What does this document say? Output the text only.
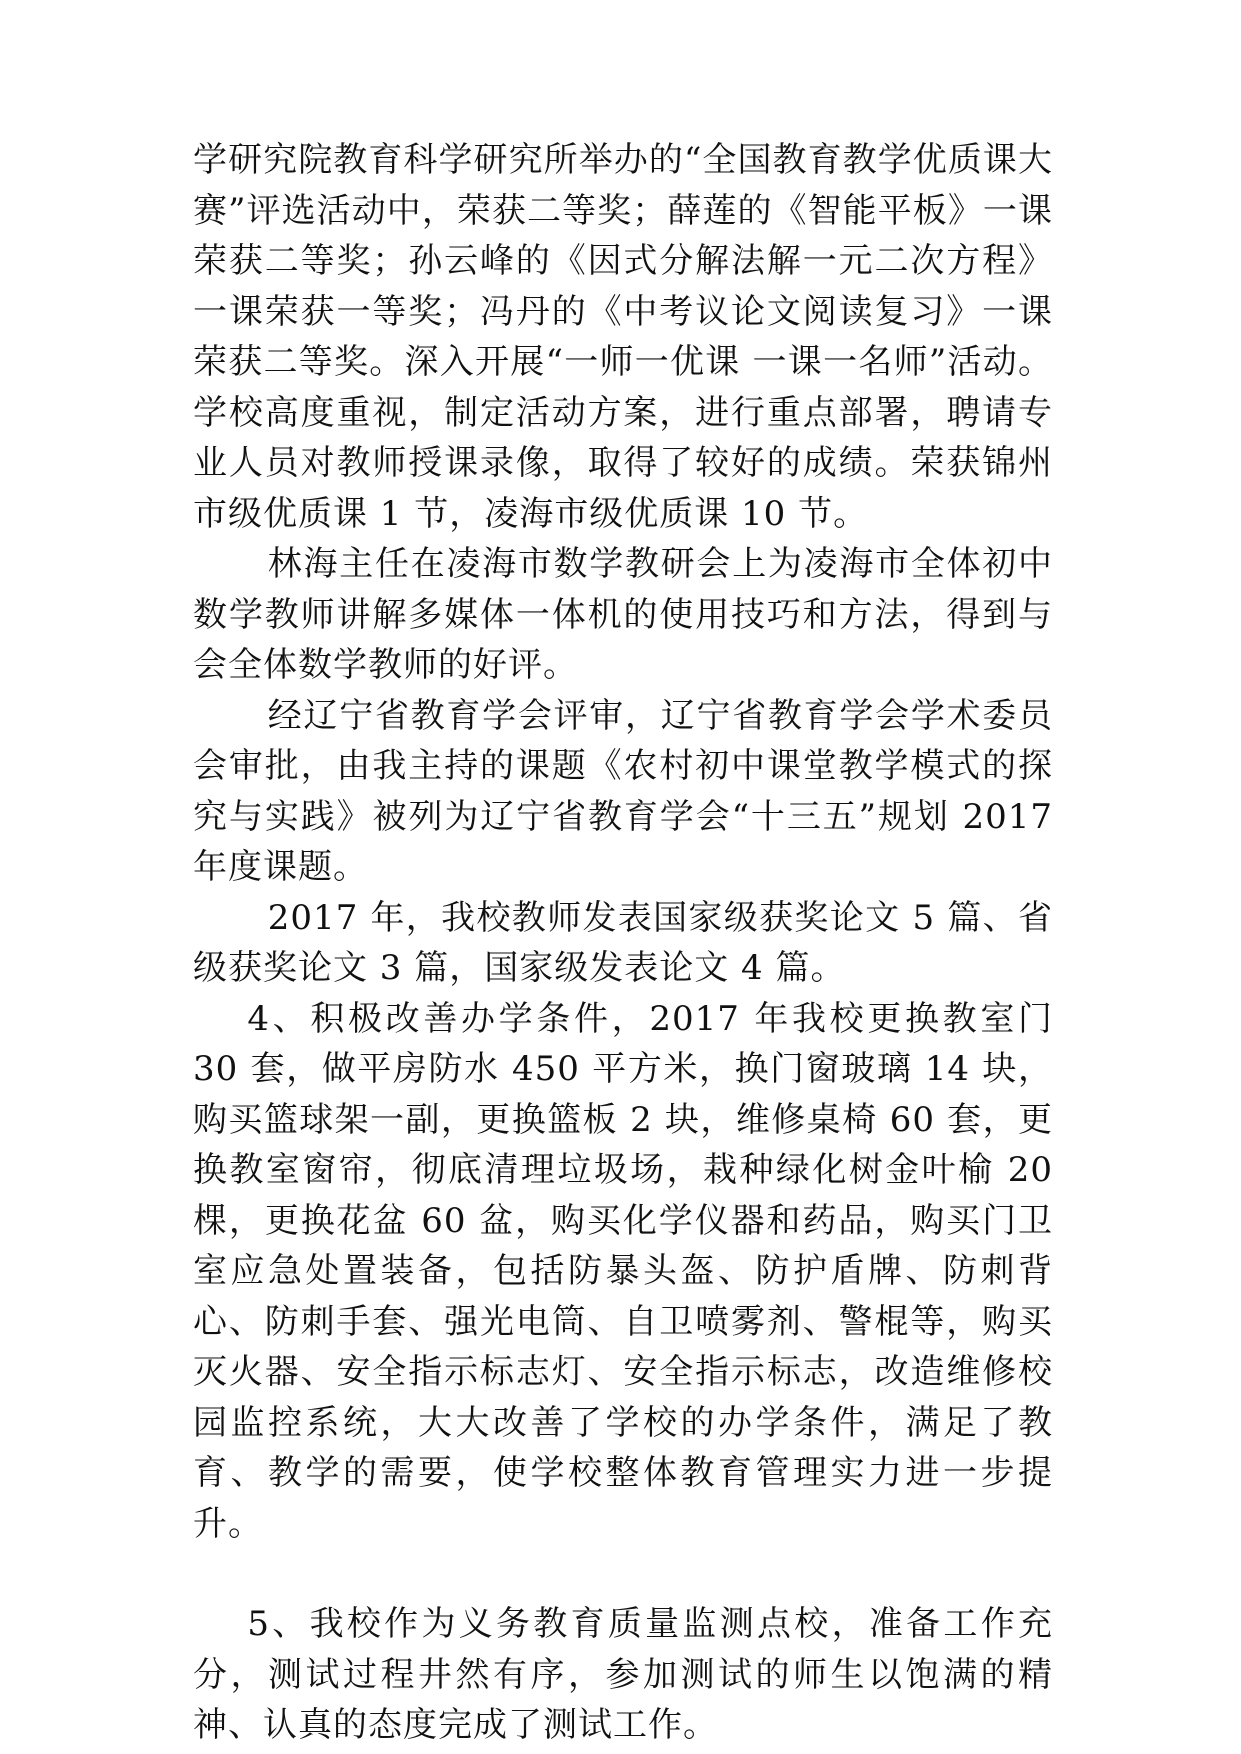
学研究院教育科学研究所举办的“全国教育教学优质课大赛”评选活动中，荣获二等奖；薛莲的《智能平板》一课荣获二等奖；孙云峰的《因式分解法解一元二次方程》一课荣获一等奖；冯丹的《中考议论文阅读复习》一课荣获二等奖。深入开展“一师一优课 一课一名师”活动。学校高度重视，制定活动方案，进行重点部署，聘请专业人员对教师授课录像，取得了较好的成绩。荣获锦州市级优质课 1 节，凌海市级优质课 10 节。

林海主任在凌海市数学教研会上为凌海市全体初中数学教师讲解多媒体一体机的使用技巧和方法，得到与会全体数学教师的好评。

经辽宁省教育学会评审，辽宁省教育学会学术委员会审批，由我主持的课题《农村初中课堂教学模式的探究与实践》被列为辽宁省教育学会“十三五”规划 2017 年度课题。

2017 年，我校教师发表国家级获奖论文 5 篇、省级获奖论文 3 篇，国家级发表论文 4 篇。

4、积极改善办学条件，2017 年我校更换教室门 30 套，做平房防水 450 平方米，换门窗玻璃 14 块，购买篮球架一副，更换篮板 2 块，维修桌椅 60 套，更换教室窗帘，彻底清理垃圾场，栽种绿化树金叶榆 20 棵，更换花盆 60 盆，购买化学仪器和药品，购买门卫室应急处置装备，包括防暴头盔、防护盾牌、防刺背心、防刺手套、强光电筒、自卫喷雾剂、警棍等，购买灭火器、安全指示标志灯、安全指示标志，改造维修校园监控系统，大大改善了学校的办学条件，满足了教育、教学的需要，使学校整体教育管理实力进一步提升。

5、我校作为义务教育质量监测点校，准备工作充分，测试过程井然有序，参加测试的师生以饱满的精神、认真的态度完成了测试工作。
